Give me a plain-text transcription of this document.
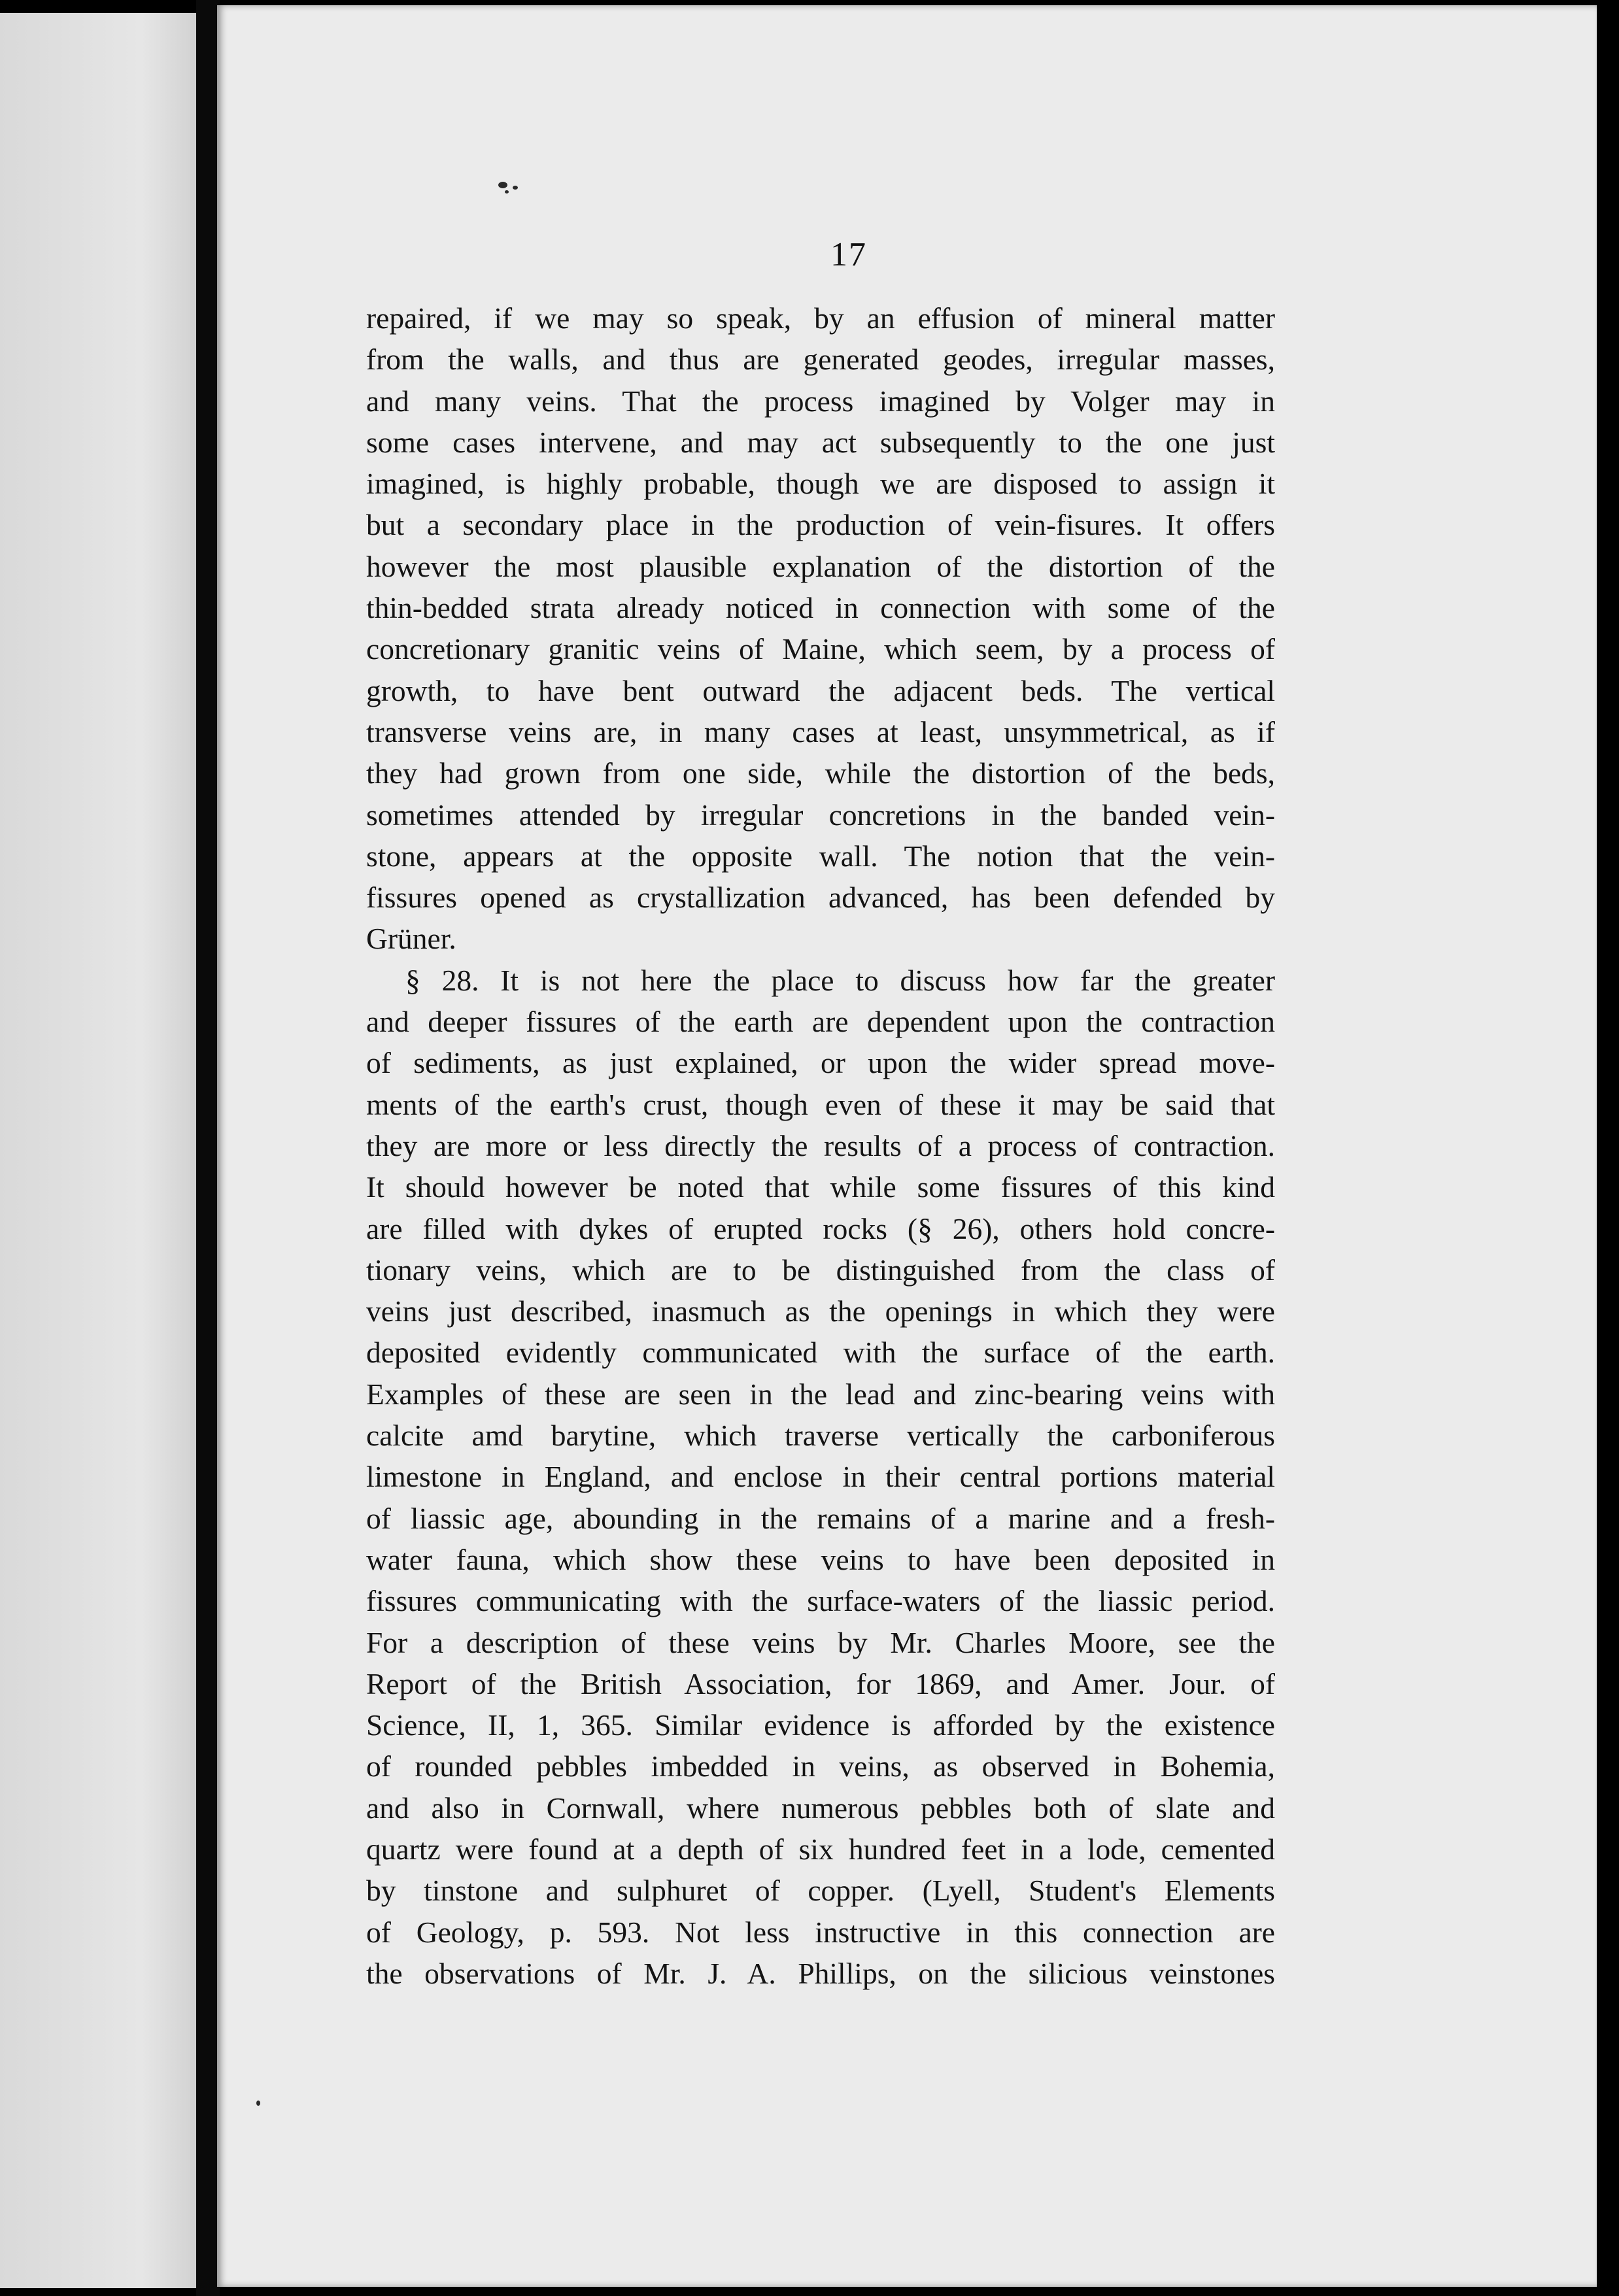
17
repaired, if we may so speak, by an effusion of mineral matter
from the walls, and thus are generated geodes, irregular masses,
and many veins. That the process imagined by Volger may in
some cases intervene, and may act subsequently to the one just
imagined, is highly probable, though we are disposed to assign it
but a secondary place in the production of vein-fisures. It offers
however the most plausible explanation of the distortion of the
thin-bedded strata already noticed in connection with some of the
concretionary granitic veins of Maine, which seem, by a process of
growth, to have bent outward the adjacent beds. The vertical
transverse veins are, in many cases at least, unsymmetrical, as if
they had grown from one side, while the distortion of the beds,
sometimes attended by irregular concretions in the banded vein-
stone, appears at the opposite wall. The notion that the vein-
fissures opened as crystallization advanced, has been defended by
Grüner.
§ 28. It is not here the place to discuss how far the greater
and deeper fissures of the earth are dependent upon the contraction
of sediments, as just explained, or upon the wider spread move-
ments of the earth's crust, though even of these it may be said that
they are more or less directly the results of a process of contraction.
It should however be noted that while some fissures of this kind
are filled with dykes of erupted rocks (§ 26), others hold concre-
tionary veins, which are to be distinguished from the class of
veins just described, inasmuch as the openings in which they were
deposited evidently communicated with the surface of the earth.
Examples of these are seen in the lead and zinc-bearing veins with
calcite amd barytine, which traverse vertically the carboniferous
limestone in England, and enclose in their central portions material
of liassic age, abounding in the remains of a marine and a fresh-
water fauna, which show these veins to have been deposited in
fissures communicating with the surface-waters of the liassic period.
For a description of these veins by Mr. Charles Moore, see the
Report of the British Association, for 1869, and Amer. Jour. of
Science, II, 1, 365. Similar evidence is afforded by the existence
of rounded pebbles imbedded in veins, as observed in Bohemia,
and also in Cornwall, where numerous pebbles both of slate and
quartz were found at a depth of six hundred feet in a lode, cemented
by tinstone and sulphuret of copper. (Lyell, Student's Elements
of Geology, p. 593. Not less instructive in this connection are
the observations of Mr. J. A. Phillips, on the silicious veinstones
